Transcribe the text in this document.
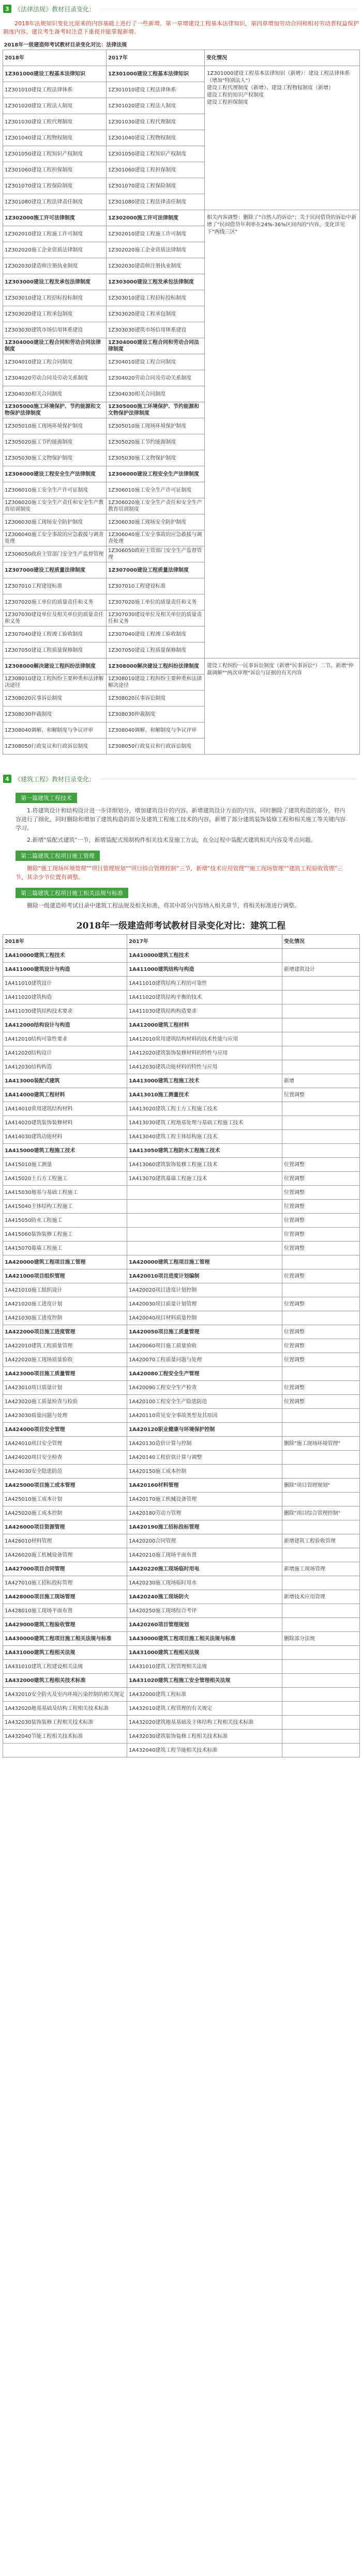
3 《法律法规》教材目录变化：

2018年法规知识变化比原来的内容基础上进行了一些新增。第一章增建设工程基本法律知识，第四章增加劳动合同和相对劳动者权益保护制度内容。建议考生备考时注意下重视并能掌握新增。

2018年一级建造师考试教材目录变化对比：法律法规		
2018年	2017年	变化情况
1Z301000建设工程基本法律知识	1Z301000建设工程基本法律知识	1Z301000建设工程基本法律知识（新增）：建设工程法律体系（增加"特别法人"）
建设工程代理制度（新增）、建设工程物权制度（新增）
建设工程的知识产权制度
建设工程担保制度
1Z301010建设工程法律体系	1Z301010建设工程法律体系	
1Z301020建设工程法人制度	1Z301020建设工程法人制度	
1Z301030建设工程代理制度	1Z301030建设工程代理制度	
1Z301040建设工程物权制度	1Z301040建设工程物权制度	
1Z301050建设工程知识产权制度	1Z301050建设工程知识产权制度	
1Z301060建设工程担保制度	1Z301060建设工程担保制度	
1Z301070建设工程保险制度	1Z301070建设工程保险制度	
1Z301080建设工程法律责任制度	1Z301080建设工程法律责任制度	
1Z302000施工许可法律制度	1Z302000施工许可法律制度	相关内容调整：删除了"自然人的诉讼"；关于民间借贷的诉讼中新增了"民间借贷年利率在24%-36%区间内的"内容，变化详见下"两线三区"
1Z302010建设工程施工许可制度	1Z302010建设工程施工许可制度	
1Z302020施工企业资质法律制度	1Z302020施工企业资质法律制度	
1Z302030建造师注册执业制度	1Z302030建造师注册执业制度	
1Z303000建设工程发承包法律制度	1Z303000建设工程发承包法律制度	
1Z303010建设工程招标投标制度	1Z303010建设工程招标投标制度	
1Z303020建设工程承包制度	1Z303020建设工程承包制度	
1Z303030建筑市场信用体系建设	1Z303030建筑市场信用体系建设	
1Z304000建设工程合同和劳动合同法律制度	1Z304000建设工程合同和劳动合同法律制度	
1Z304010建设工程合同制度	1Z304010建设工程合同制度	
1Z304020劳动合同及劳动关系制度	1Z304020劳动合同及劳动关系制度	
1Z304030相关合同制度	1Z304030相关合同制度	
1Z305000施工环境保护、节约能源和文物保护法律制度	1Z305000施工环境保护、节约能源和文物保护法律制度	
1Z305010施工现场环境保护制度	1Z305010施工现场环境保护制度	
1Z305020施工节约能源制度	1Z305020施工节约能源制度	
1Z305030施工文物保护制度	1Z305030施工文物保护制度	
1Z306000建设工程安全生产法律制度	1Z306000建设工程安全生产法律制度	
1Z306010施工安全生产许可证制度	1Z306010施工安全生产许可证制度	
1Z306020施工安全生产责任和安全生产教育培训制度	1Z306020施工安全生产责任和安全生产教育培训制度	
1Z306030施工现场安全防护制度	1Z306030施工现场安全防护制度	
1Z306040施工安全事故的应急救援与调查处理	1Z306040施工安全事故的应急救援与调查处理	
1Z306050政府主管部门安全生产监督管理	1Z306050政府主管部门安全生产监督管理	
1Z307000建设工程质量法律制度	1Z307000建设工程质量法律制度	
1Z307010工程建设标准	1Z307010工程建设标准	
1Z307020施工单位的质量责任和义务	1Z307020施工单位的质量责任和义务	
1Z307030建设单位及相关单位的质量责任和义务	1Z307030建设单位及相关单位的质量责任和义务	
1Z307040建设工程竣工验收制度	1Z307040建设工程竣工验收制度	
1Z307050建设工程质量保修制度	1Z307050建设工程质量保修制度	
1Z308000解决建设工程纠纷法律制度	1Z308000解决建设工程纠纷法律制度	建设工程纠纷一民事诉讼制度（新增"民事诉讼"）二节。新增"仲裁调解""两次审理"诉讼与证据的有关内容
1Z308010建设工程纠纷主要种类和法律解决途径	1Z308010建设工程纠纷主要种类和法律解决途径	
1Z308020民事诉讼制度	1Z308020民事诉讼制度	
1Z308030仲裁制度	1Z308030仲裁制度	
1Z308040调解、和解制度与争议评审	1Z308040调解、和解制度与争议评审	
1Z308050行政复议和行政诉讼制度	1Z308050行政复议和行政诉讼制度	
4 《建筑工程》教材目录变化：
第一篇建筑工程技术

1.将建筑设计和结构设计进一步详细划分，增加建筑设计的内容。新增建筑设计方面的内容，同时删除了建筑构造的部分，将内容进行了细化，同时删除和增加了建筑构造的部分及建筑工程施工技术的内容，新增了部分建筑装饰装修工程和相关施工等关键内容学习。

2.新增"装配式建筑"一节，新增装配式预制构件相关技术及施工方法，在全过程中装配式建筑相关内容及考点问题。

第二篇建筑工程项目施工管理

删除"施工现场环境管理""项目管理规划""项目综合管理控制"三节，新增"技术应用管理""施工现场管理""建筑工程验收管理"三节，其余少节位置有调整。

第三篇建筑工程项目施工相关法规与标准

删除一级建造师考试目录中建筑工程法规及相关标准，将其中部分内容纳入相关章节，将相关标准进行调整。

2018年一级建造师考试教材目录变化对比：建筑工程
2018年	2017年	变化情况
1A410000建筑工程技术	1A410000建筑工程技术	
1A411000建筑设计与构造	1A411000建筑结构与构造	新增建筑设计
1A411010建筑设计	1A411010建筑结构工程的可靠性	
1A411020建筑构造	1A411020建筑结构平衡的技术	
1A411030建筑结构技术要求	1A411030建筑结构构造要求	
1A412000结构设计与构造	1A412000建筑工程材料	
1A412010结构可靠性要求	1A412010常用建筑结构材料的技术性能与应用	
1A412020结构设计	1A412020建筑装饰装修材料的特性与应用	
1A412030结构构造	1A412030建筑功能材料的特性与应用	
1A413000装配式建筑	1A413000建筑工程施工技术	新增
1A414000建筑工程材料	1A413010施工测量技术	位置调整
1A414010常用建筑结构材料	1A413020建筑工程土方工程施工技术	
1A414020建筑装饰装修材料	1A413030建筑工程地基处理与基础工程施工技术	
1A414030建筑功能材料	1A413040建筑工程主体结构施工技术	
1A415000建筑工程施工技术	1A413050建筑工程防水工程施工技术	
1A415010施工测量	1A413060建筑装饰装修工程施工技术	位置调整
1A415020土石方工程施工	1A413070建筑幕墙工程施工技术	位置调整
1A415030地基与基础工程施工		位置调整
1A415040主体结构工程施工		位置调整
1A415050防水工程施工		位置调整
1A415060装饰装修工程施工		位置调整
1A415070幕墙工程施工		位置调整
1A420000建筑工程项目施工管理	1A420000建筑工程项目施工管理	
1A421000项目组织管理	1A420010项目进度计划编制	位置调整
1A421010施工组织设计	1A420020项目进度计划控制	
1A421020施工进度计划	1A420030项目质量计划管理	位置调整
1A421030施工进度控制	1A420040项目材料质量控制	
1A422000项目施工进度管理	1A420050项目施工质量管理	位置调整
1A422010建筑工程质量管理	1A420060项目施工质量验收	位置调整
1A422020施工现场质量验收	1A420070工程质量问题与处理	位置调整
1A423000项目施工质量管理	1A420080工程安全生产管理	
1A423010项目质量计划	1A420090工程安全生产检查	位置调整
1A423020施工质量检查与检验	1A420100工程安全生产隐患防范	位置调整
1A423030质量问题与处理	1A420110常见安全事故类型及其原因	
1A424000项目安全管理	1A420120职业健康与环境保护控制	
1A424010项目安全管理	1A420130造价计算与控制	删除"施工现场环境管理"
1A424020项目安全检查	1A420140工程价款计算与调整	
1A424030安全隐患防范	1A420150施工成本控制	
1A425000项目施工成本管理	1A420160材料管理	删除"项目管理规划"
1A425010施工成本计划	1A420170施工机械设备管理	
1A425020施工成本控制	1A420180劳动力管理	删除"项目综合管理控制"
1A426000项目资源管理	1A420190施工招标投标管理	
1A426010材料管理	1A420200合同管理	新增建筑工程验收管理
1A426020施工机械设备管理	1A420210施工现场平面布置	
1A427000项目合同管理	1A420220施工现场临时用电	新增施工现场管理
1A427010施工招标投标管理	1A420230施工现场临时用水	
1A428000项目施工现场管理	1A420240施工现场防火	新增技术应用管理
1A428010施工现场平面布置	1A420250施工现场综合考评	
1A429000建筑工程验收管理	1A420260项目管理规划	
1A430000建筑工程项目施工相关法规与标准	1A430000建筑工程项目施工相关法规与标准	删除部分法规
1A431000建筑工程相关法规	1A431000建筑工程相关法规	
1A431010建筑工程建设相关法规	1A431010建筑工程管理相关法规	
1A432000建筑工程相关技术标准	1A431020建筑工程施工安全管理相关法规	
1A432010安全防火及室内环境污染控制的相关规定	1A432000建筑工程标准	
1A432020地基基础及结构工程相关技术标准	1A432010建筑工程管理的有关规定	
1A432030装饰装修工程相关技术标准	1A432020建筑地基基础及主体结构工程相关技术标准	
1A432040节能工程相关技术标准	1A432030建筑装饰装修工程相关技术标准	
	1A432040建筑工程节能相关技术标准	
